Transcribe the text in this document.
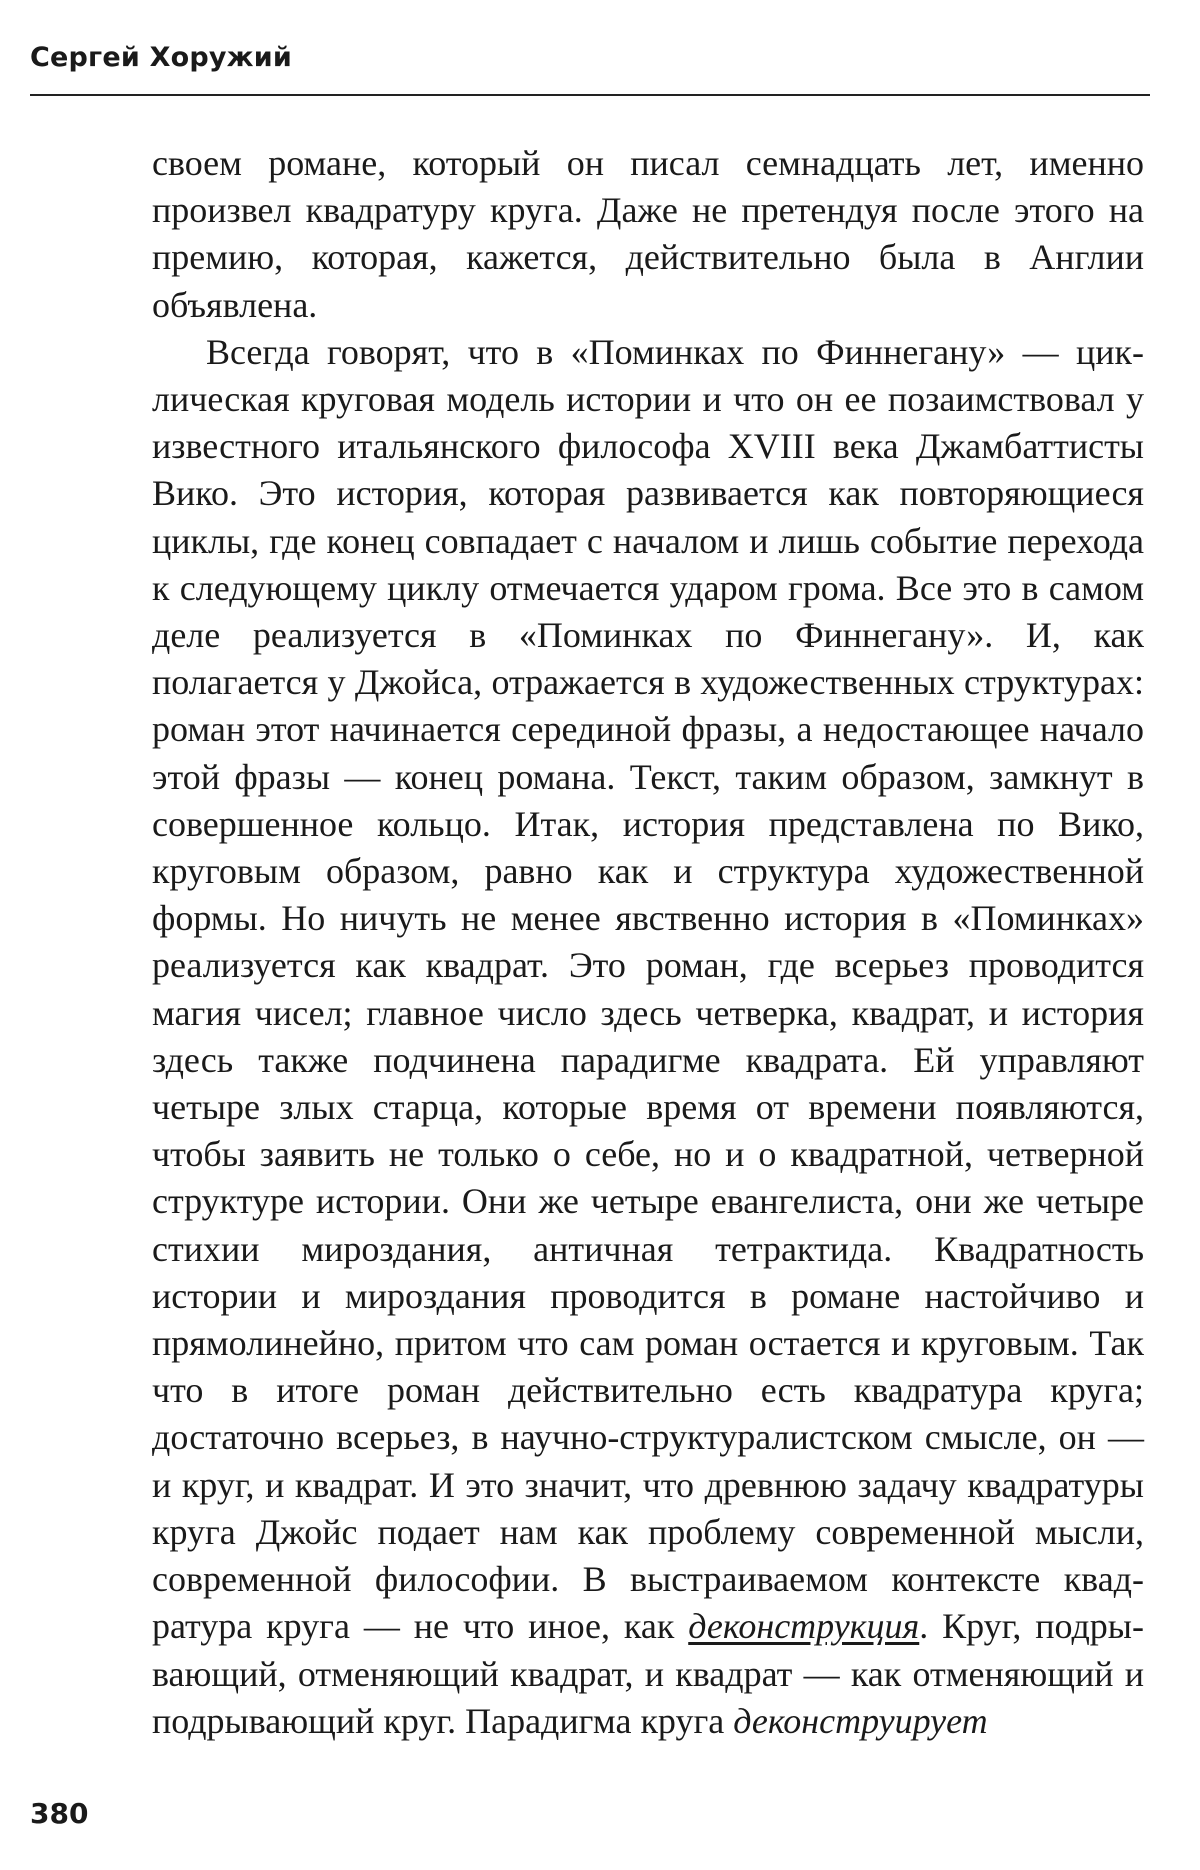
Сергей Хоружий

своем романе, который он писал семнадцать лет, именно произвел квадратуру круга. Даже не претендуя после этого на премию, которая, кажется, действительно была в Англии объявлена.

Всегда говорят, что в «Поминках по Финнегану» — циклическая круговая модель истории и что он ее позаимствовал у известного итальянского философа XVIII века Джамбаттисты Вико. Это история, которая развивается как повторяющиеся циклы, где конец совпадает с началом и лишь событие перехода к следующему циклу отмечается ударом грома. Все это в самом деле реализуется в «Поминках по Финнегану». И, как полагается у Джойса, отражается в художественных структурах: роман этот начинается серединой фразы, а недостающее начало этой фразы — конец романа. Текст, таким образом, замкнут в совершенное кольцо. Итак, история представлена по Вико, круговым образом, равно как и структура художественной формы. Но ничуть не менее явственно история в «Поминках» реализуется как квадрат. Это роман, где всерьез проводится магия чисел; главное число здесь четверка, квадрат, и история здесь также подчинена парадигме квадрата. Ей управляют четыре злых старца, которые время от времени появляются, чтобы заявить не только о себе, но и о квадратной, четверной структуре истории. Они же четыре евангелиста, они же четыре стихии мироздания, античная тетрактида. Квадратность истории и мироздания проводится в романе настойчиво и прямолинейно, притом что сам роман остается и круговым. Так что в итоге роман действительно есть квадратура круга; достаточно всерьез, в научно-структуралистском смысле, он — и круг, и квадрат. И это значит, что древнюю задачу квадратуры круга Джойс подает нам как проблему современной мысли, современной философии. В выстраиваемом контексте квадратура круга — не что иное, как деконструкция. Круг, подрывающий, отменяющий квадрат, и квадрат — как отменяющий и подрывающий круг. Парадигма круга деконструирует

380
